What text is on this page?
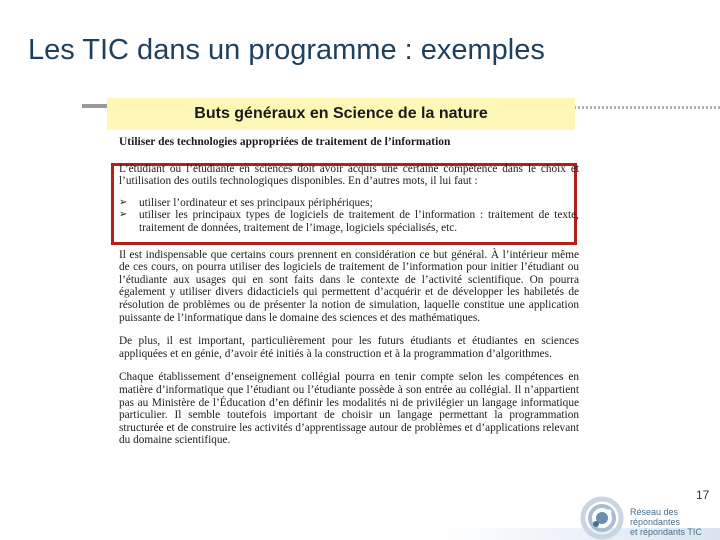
Les TIC dans un programme : exemples
Buts généraux en Science de la nature
Utiliser des technologies appropriées de traitement de l’information
L’étudiant ou l’étudiante en sciences doit avoir acquis une certaine compétence dans le choix et l’utilisation des outils technologiques disponibles. En d’autres mots, il lui faut :
➢ utiliser l’ordinateur et ses principaux périphériques;
➢ utiliser les principaux types de logiciels de traitement de l’information : traitement de texte, traitement de données, traitement de l’image, logiciels spécialisés, etc.

Il est indispensable que certains cours prennent en considération ce but général. À l’intérieur même de ces cours, on pourra utiliser des logiciels de traitement de l’information pour initier l’étudiant ou l’étudiante aux usages qui en sont faits dans le contexte de l’activité scientifique. On pourra également y utiliser divers didacticiels qui permettent d’acquérir et de développer les habiletés de résolution de problèmes ou de présenter la notion de simulation, laquelle constitue une application puissante de l’informatique dans le domaine des sciences et des mathématiques.

De plus, il est important, particulièrement pour les futurs étudiants et étudiantes en sciences appliquées et en génie, d’avoir été initiés à la construction et à la programmation d’algorithmes.

Chaque établissement d’enseignement collégial pourra en tenir compte selon les compétences en matière d’informatique que l’étudiant ou l’étudiante possède à son entrée au collégial. Il n’appartient pas au Ministère de l’Éducation d’en définir les modalités ni de privilégier un langage informatique particulier. Il semble toutefois important de choisir un langage permettant la programmation structurée et de construire les activités d’apprentissage autour de problèmes et d’applications relevant du domaine scientifique.

17
Réseau des répondantes
et répondants TIC
